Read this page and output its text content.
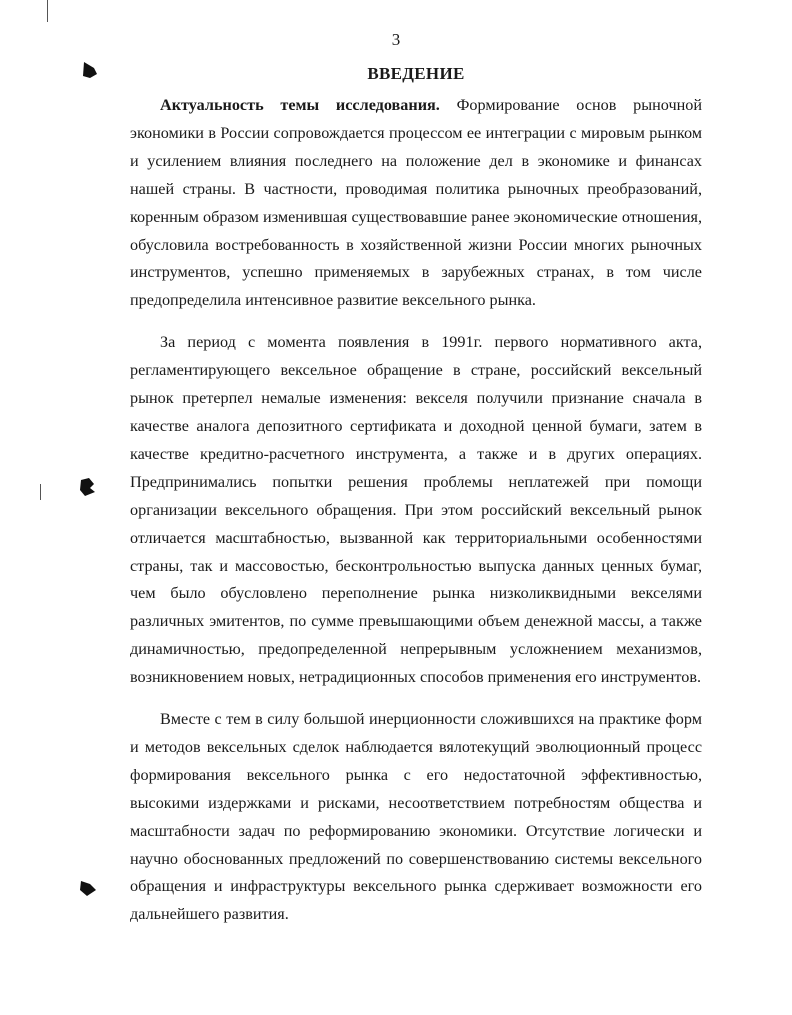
3
ВВЕДЕНИЕ

Актуальность темы исследования. Формирование основ рыночной экономики в России сопровождается процессом ее интеграции с мировым рынком и усилением влияния последнего на положение дел в экономике и финансах нашей страны. В частности, проводимая политика рыночных преобразований, коренным образом изменившая существовавшие ранее экономические отношения, обусловила востребованность в хозяйственной жизни России многих рыночных инструментов, успешно применяемых в зарубежных странах, в том числе предопределила интенсивное развитие вексельного рынка.

За период с момента появления в 1991г. первого нормативного акта, регламентирующего вексельное обращение в стране, российский вексельный рынок претерпел немалые изменения: векселя получили признание сначала в качестве аналога депозитного сертификата и доходной ценной бумаги, затем в качестве кредитно-расчетного инструмента, а также и в других операциях. Предпринимались попытки решения проблемы неплатежей при помощи организации вексельного обращения. При этом российский вексельный рынок отличается масштабностью, вызванной как территориальными особенностями страны, так и массовостью, бесконтрольностью выпуска данных ценных бумаг, чем было обусловлено переполнение рынка низколиквидными векселями различных эмитентов, по сумме превышающими объем денежной массы, а также динамичностью, предопределенной непрерывным усложнением механизмов, возникновением новых, нетрадиционных способов применения его инструментов.

Вместе с тем в силу большой инерционности сложившихся на практике форм и методов вексельных сделок наблюдается вялотекущий эволюционный процесс формирования вексельного рынка с его недостаточной эффективностью, высокими издержками и рисками, несоответствием потребностям общества и масштабности задач по реформированию экономики. Отсутствие логически и научно обоснованных предложений по совершенствованию системы вексельного обращения и инфраструктуры вексельного рынка сдерживает возможности его дальнейшего развития.
